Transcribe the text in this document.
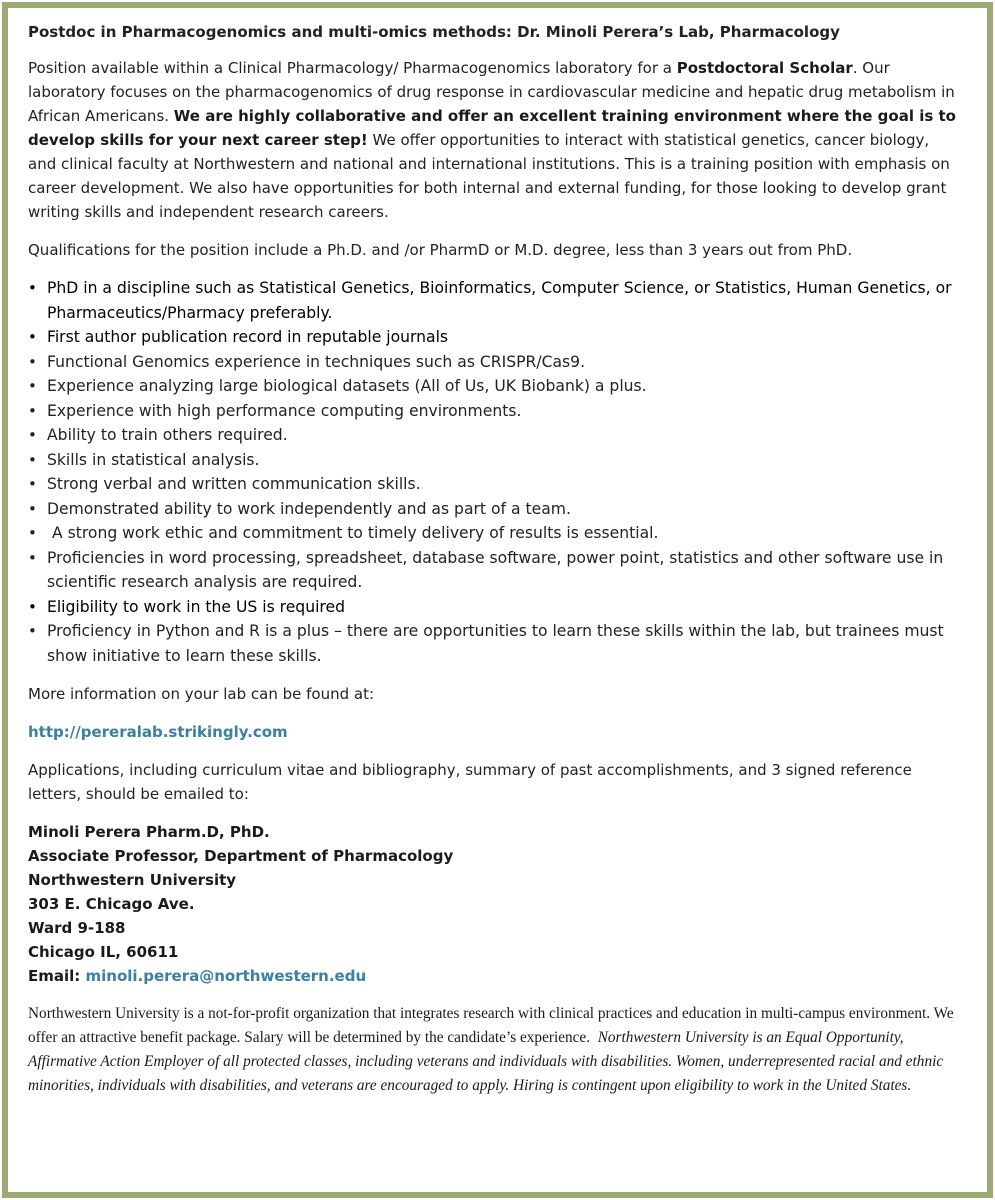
Postdoc in Pharmacogenomics and multi-omics methods: Dr. Minoli Perera’s Lab, Pharmacology

Position available within a Clinical Pharmacology/ Pharmacogenomics laboratory for a Postdoctoral Scholar. Our laboratory focuses on the pharmacogenomics of drug response in cardiovascular medicine and hepatic drug metabolism in African Americans. We are highly collaborative and offer an excellent training environment where the goal is to develop skills for your next career step! We offer opportunities to interact with statistical genetics, cancer biology, and clinical faculty at Northwestern and national and international institutions. This is a training position with emphasis on career development. We also have opportunities for both internal and external funding, for those looking to develop grant writing skills and independent research careers.

Qualifications for the position include a Ph.D. and /or PharmD or M.D. degree, less than 3 years out from PhD.

• PhD in a discipline such as Statistical Genetics, Bioinformatics, Computer Science, or Statistics, Human Genetics, or Pharmaceutics/Pharmacy preferably.
• First author publication record in reputable journals
• Functional Genomics experience in techniques such as CRISPR/Cas9.
• Experience analyzing large biological datasets (All of Us, UK Biobank) a plus.
• Experience with high performance computing environments.
• Ability to train others required.
• Skills in statistical analysis.
• Strong verbal and written communication skills.
• Demonstrated ability to work independently and as part of a team.
•  A strong work ethic and commitment to timely delivery of results is essential.
• Proficiencies in word processing, spreadsheet, database software, power point, statistics and other software use in scientific research analysis are required.
• Eligibility to work in the US is required
• Proficiency in Python and R is a plus – there are opportunities to learn these skills within the lab, but trainees must show initiative to learn these skills.

More information on your lab can be found at:

http://pereralab.strikingly.com

Applications, including curriculum vitae and bibliography, summary of past accomplishments, and 3 signed reference letters, should be emailed to:

Minoli Perera Pharm.D, PhD.

Associate Professor, Department of Pharmacology

Northwestern University

303 E. Chicago Ave.

Ward 9-188

Chicago IL, 60611

Email: minoli.perera@northwestern.edu

Northwestern University is a not-for-profit organization that integrates research with clinical practices and education in multi-campus environment. We offer an attractive benefit package. Salary will be determined by the candidate’s experience.  Northwestern University is an Equal Opportunity, Affirmative Action Employer of all protected classes, including veterans and individuals with disabilities. Women, underrepresented racial and ethnic minorities, individuals with disabilities, and veterans are encouraged to apply. Hiring is contingent upon eligibility to work in the United States.
